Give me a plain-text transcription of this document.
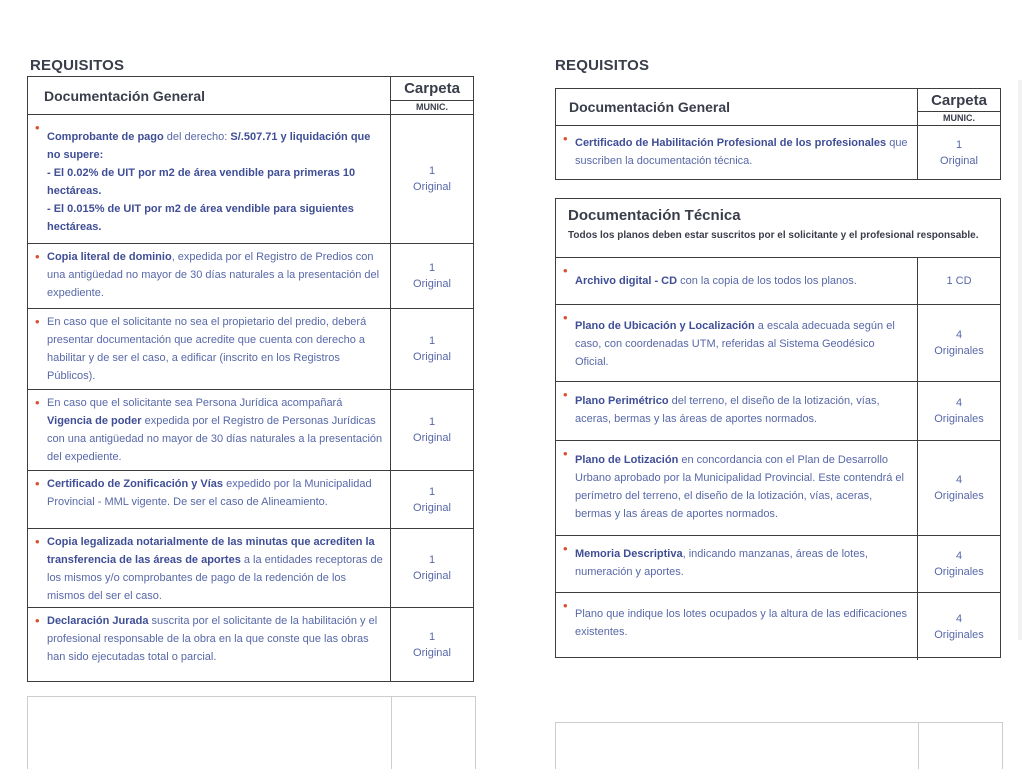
REQUISITOS
Documentación General	Carpeta
MUNIC.
• Comprobante de pago del derecho: S/.507.71 y liquidación que no supere:
- El 0.02% de UIT por m2 de área vendible para primeras 10 hectáreas.
- El 0.015% de UIT por m2 de área vendible para siguientes hectáreas.
1
Original
• Copia literal de dominio, expedida por el Registro de Predios con una antigüedad no mayor de 30 días naturales a la presentación del expediente.
1
Original
• En caso que el solicitante no sea el propietario del predio, deberá presentar documentación que acredite que cuenta con derecho a habilitar y de ser el caso, a edificar (inscrito en los Registros Públicos).
1
Original
• En caso que el solicitante sea Persona Jurídica acompañará Vigencia de poder expedida por el Registro de Personas Jurídicas con una antigüedad no mayor de 30 días naturales a la presentación del expediente.
1
Original
• Certificado de Zonificación y Vías expedido por la Municipalidad Provincial - MML vigente. De ser el caso de Alineamiento.
1
Original
• Copia legalizada notarialmente de las minutas que acrediten la transferencia de las áreas de aportes a la entidades receptoras de los mismos y/o comprobantes de pago de la redención de los mismos del ser el caso.
1
Original
• Declaración Jurada suscrita por el solicitante de la habilitación y el profesional responsable de la obra en la que conste que las obras han sido ejecutadas total o parcial.
1
Original
REQUISITOS
Documentación General	Carpeta
MUNIC.
• Certificado de Habilitación Profesional de los profesionales que suscriben la documentación técnica.
1
Original
Documentación Técnica
Todos los planos deben estar suscritos por el solicitante y el profesional responsable.
• Archivo digital - CD con la copia de los todos los planos.	1 CD
• Plano de Ubicación y Localización a escala adecuada según el caso, con coordenadas UTM, referidas al Sistema Geodésico Oficial.
4
Originales
• Plano Perimétrico del terreno, el diseño de la lotización, vías, aceras, bermas y las áreas de aportes normados.
4
Originales
• Plano de Lotización en concordancia con el Plan de Desarrollo Urbano aprobado por la Municipalidad Provincial. Este contendrá el perímetro del terreno, el diseño de la lotización, vías, aceras, bermas y las áreas de aportes normados.
4
Originales
• Memoria Descriptiva, indicando manzanas, áreas de lotes, numeración y aportes.
4
Originales
• Plano que indique los lotes ocupados y la altura de las edificaciones existentes.
4
Originales
